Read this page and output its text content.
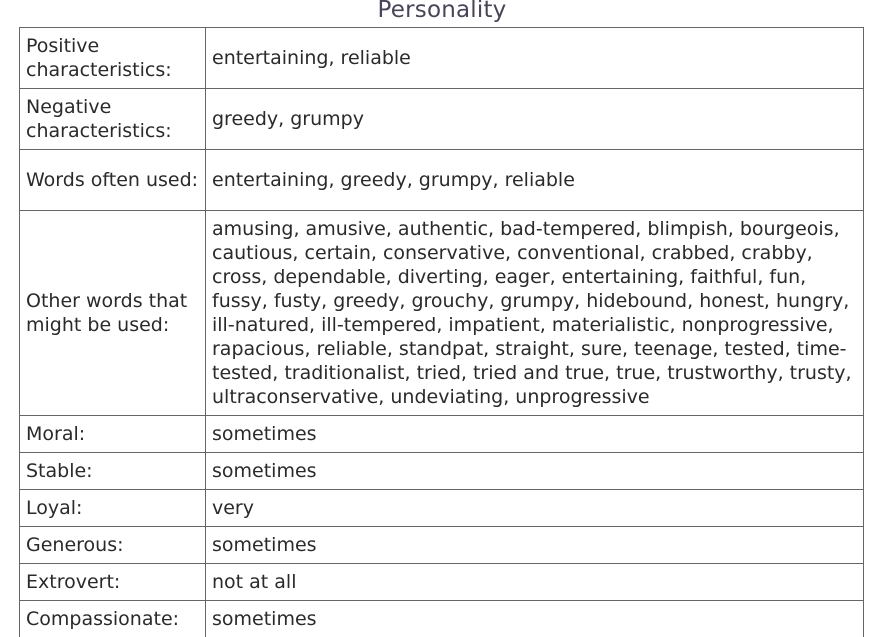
Personality
Positive characteristics:	entertaining, reliable
Negative characteristics:	greedy, grumpy
Words often used:	entertaining, greedy, grumpy, reliable
Other words that might be used:	amusing, amusive, authentic, bad-tempered, blimpish, bourgeois, cautious, certain, conservative, conventional, crabbed, crabby, cross, dependable, diverting, eager, entertaining, faithful, fun, fussy, fusty, greedy, grouchy, grumpy, hidebound, honest, hungry, ill-natured, ill-tempered, impatient, materialistic, nonprogressive, rapacious, reliable, standpat, straight, sure, teenage, tested, time-tested, traditionalist, tried, tried and true, true, trustworthy, trusty, ultraconservative, undeviating, unprogressive
Moral:	sometimes
Stable:	sometimes
Loyal:	very
Generous:	sometimes
Extrovert:	not at all
Compassionate:	sometimes
